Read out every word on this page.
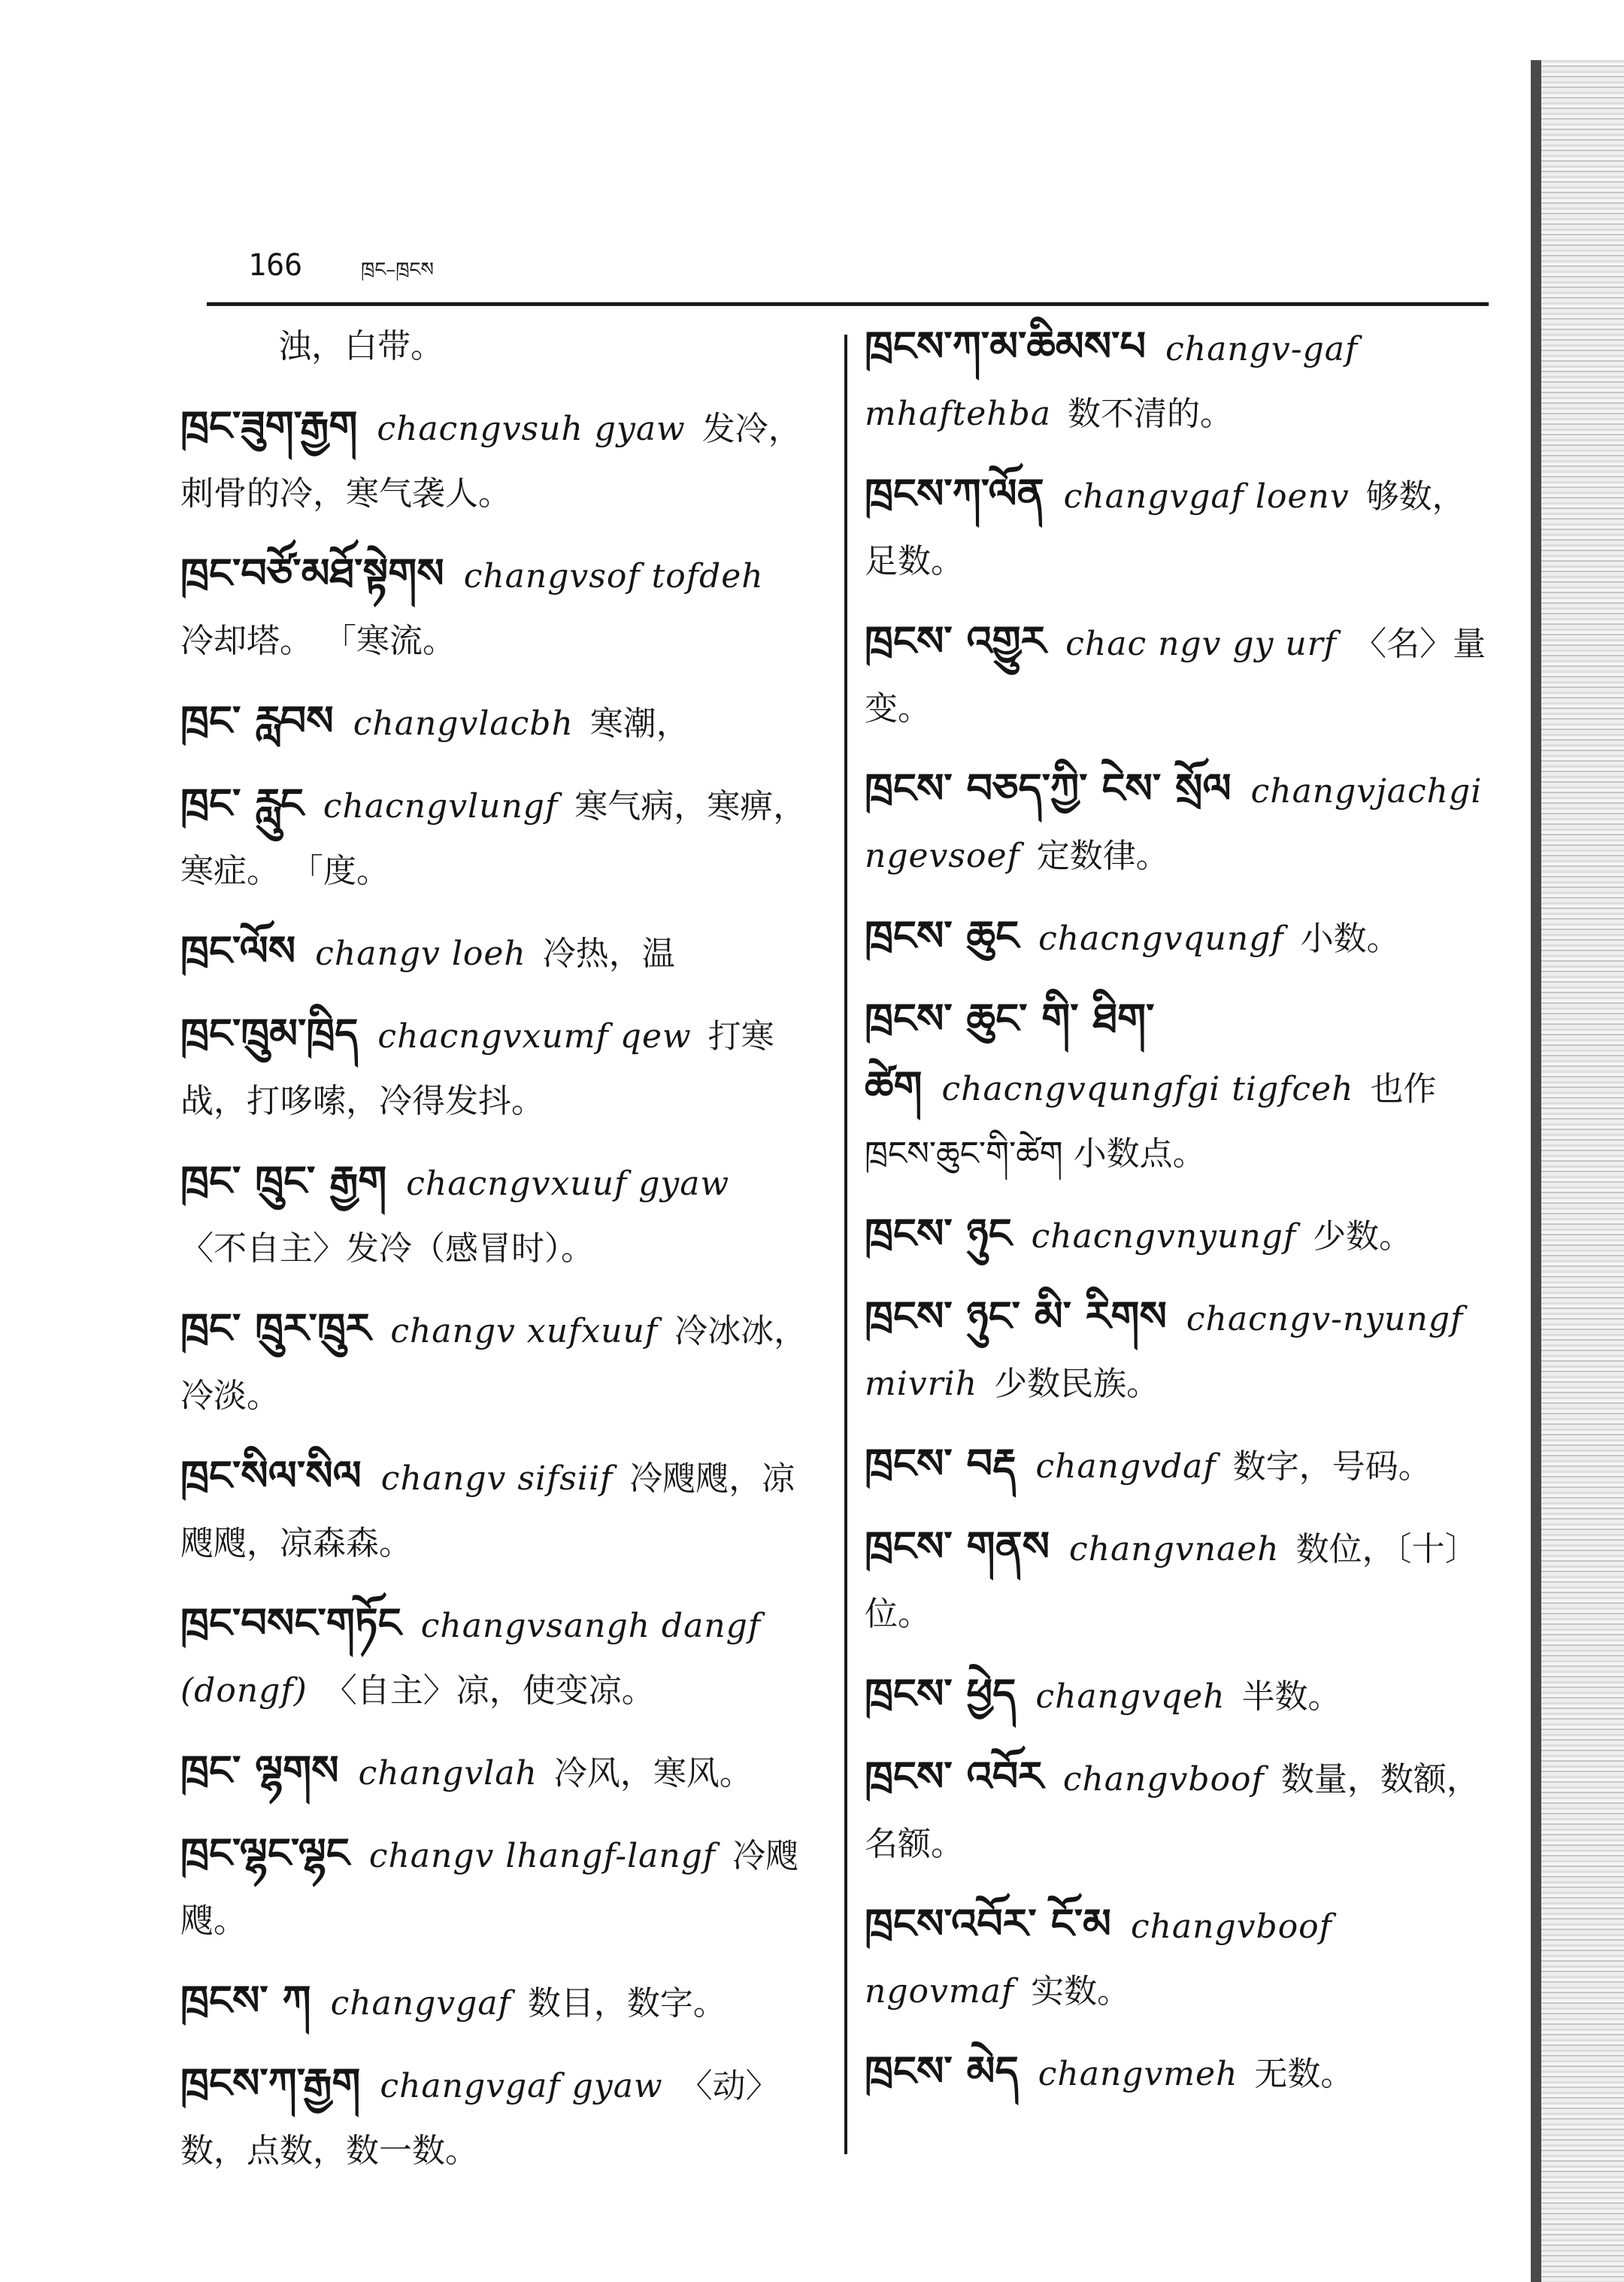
166	ཁྲང–ཁྲངས
浊，白带。
ཁྲང་ཟུག་རྒྱག chacngvsuh gyaw 发冷，刺骨的冷，寒气袭人。
ཁྲང་བཙོ་མཐོ་སྟེགས changvsof tofdeh冷却塔。 「寒流。
ཁྲང་ རླབས changvlacbh 寒潮，
ཁྲང་ རླུང chacngvlungf 寒气病，寒痹，寒症。 「度。
ཁྲང་ལོས changv loeh 冷热，温
ཁྲང་ཁྲུམ་ཁྲིད chacngvxumf qew 打寒战，打哆嗦，冷得发抖。
ཁྲང་ ཁྲུང་ རྒྱག chacngvxuuf gyaw〈不自主〉发冷（感冒时）。
ཁྲང་ ཁྲུར་ཁྲུར changv xufxuuf 冷冰冰，冷淡。
ཁྲང་སིལ་སིལ changv sifsiif 冷飕飕，凉飕飕，凉森森。
ཁྲང་བསང་གཏོང changvsangh dangf (dongf) 〈自主〉凉，使变凉。
ཁྲང་ ལྷགས changvlah 冷风，寒风。
ཁྲང་ལྷང་ལྷང changv lhangf-langf 冷飕飕。
ཁྲངས་ ཀ changvgaf 数目，数字。
ཁྲངས་ཀ་རྒྱག changvgaf gyaw 〈动〉数，点数，数一数。
ཁྲངས་ཀ་མ་ཆིམས་པ changv-gaf mhaftehba 数不清的。
ཁྲངས་ཀ་ལོན changvgaf loenv 够数，足数。
ཁྲངས་ འགྱུར chac ngv gy urf 〈名〉量变。
ཁྲངས་ བཅད་ཀྱི་ ངེས་ སྲོལ changvjachgi ngevsoef 定数律。
ཁྲངས་ ཆུང chacngvqungf 小数。
ཁྲངས་ ཆུང་ གི་ ཐིག་ ཚེག chacngvqungfgi tigfceh 也作 ཁྲངས་ཆུང་གི་ཚེག 小数点。
ཁྲངས་ ཉུང chacngvnyungf 少数。
ཁྲངས་ ཉུང་ མི་ རིགས chacngv-nyungf mivrih 少数民族。
ཁྲངས་ བརྡ changvdaf 数字，号码。
ཁྲངས་ གནས changvnaeh 数位，〔十〕位。
ཁྲངས་ ཕྱེད changvqeh 半数。
ཁྲངས་ འབོར changvboof 数量，数额，名额。
ཁྲངས་འབོར་ ངོ་མ changvboof ngovmaf 实数。
ཁྲངས་ མེད changvmeh 无数。
